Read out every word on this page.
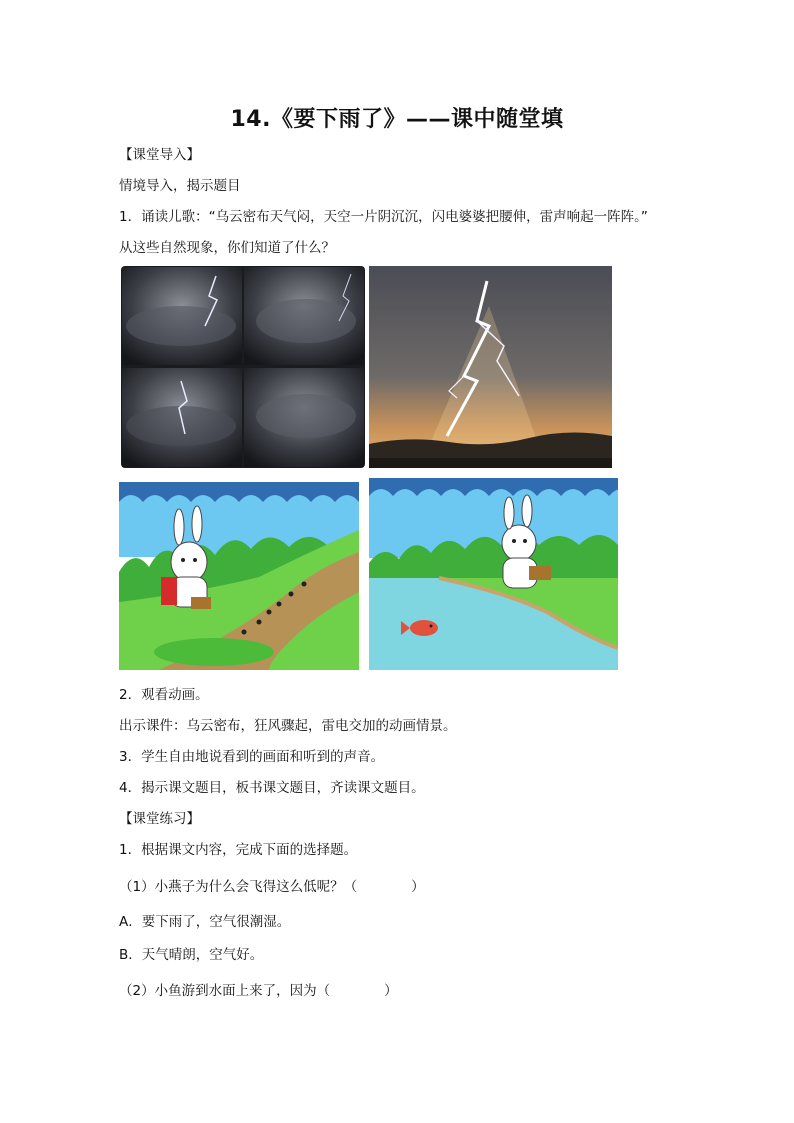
14.《要下雨了》——课中随堂填
【课堂导入】
情境导入，揭示题目
1．诵读儿歌：“乌云密布天气闷，天空一片阴沉沉，闪电婆婆把腰伸，雷声响起一阵阵。”
从这些自然现象，你们知道了什么？
2．观看动画。
出示课件：乌云密布，狂风骤起，雷电交加的动画情景。
3．学生自由地说看到的画面和听到的声音。
4．揭示课文题目，板书课文题目，齐读课文题目。
【课堂练习】
1．根据课文内容，完成下面的选择题。
（1）小燕子为什么会飞得这么低呢？（　　　　）
A．要下雨了，空气很潮湿。
B．天气晴朗，空气好。
（2）小鱼游到水面上来了，因为（　　　　）
